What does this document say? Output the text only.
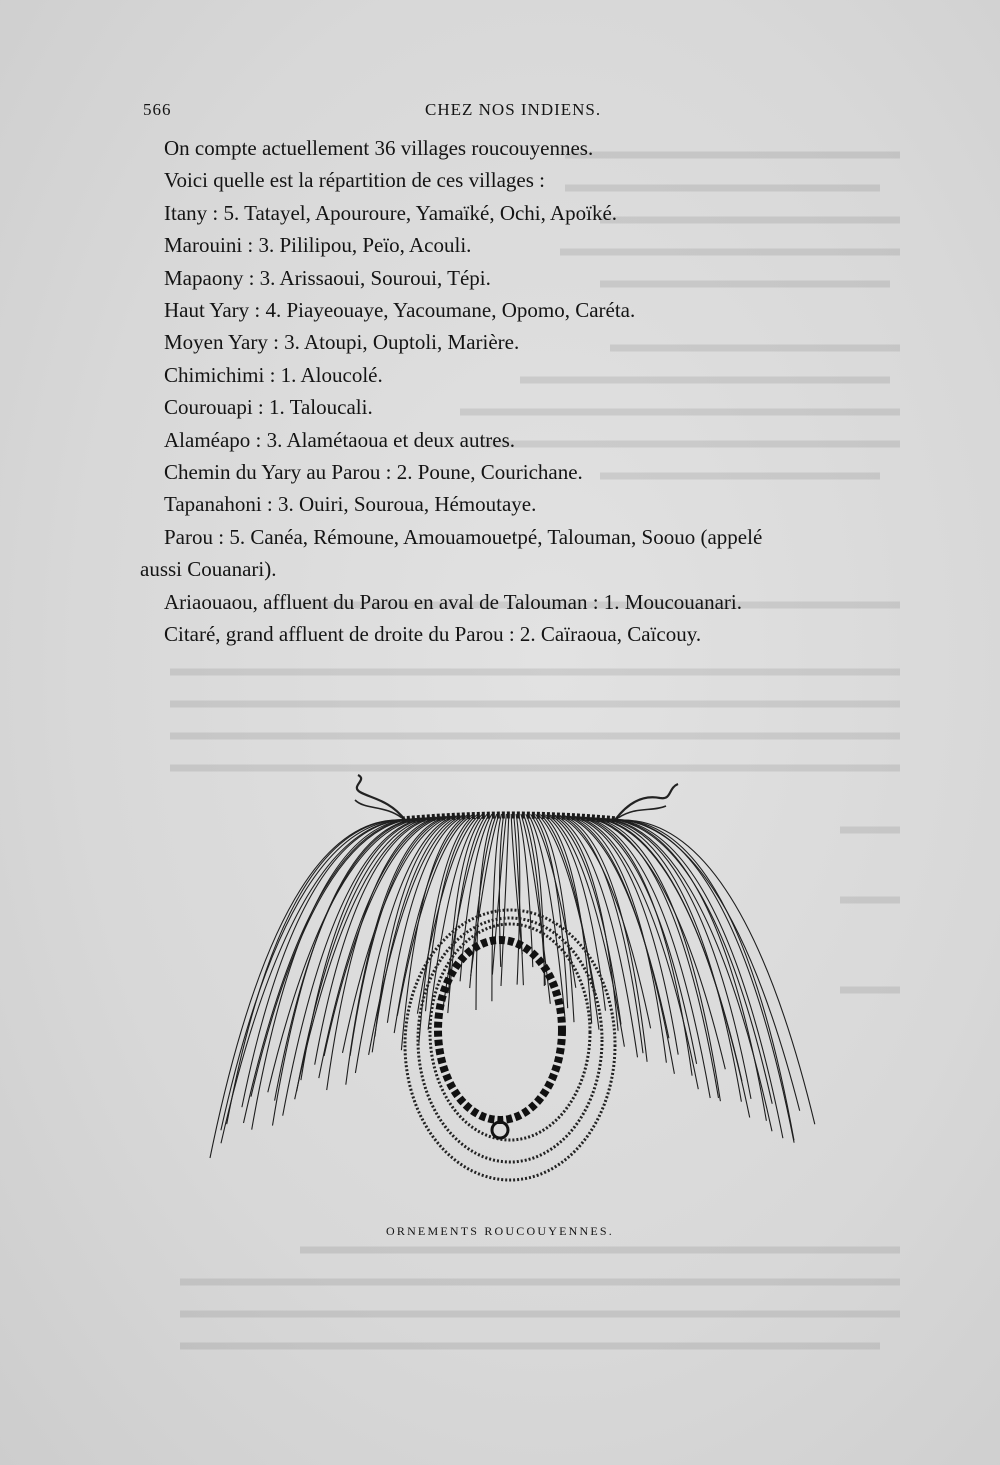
566	CHEZ NOS INDIENS.
On compte actuellement 36 villages roucouyennes.
Voici quelle est la répartition de ces villages :
Itany : 5. Tatayel, Apouroure, Yamaïké, Ochi, Apoïké.
Marouini : 3. Pililipou, Peïo, Acouli.
Mapaony : 3. Arissaoui, Souroui, Tépi.
Haut Yary : 4. Piayeouaye, Yacoumane, Opomo, Caréta.
Moyen Yary : 3. Atoupi, Ouptoli, Marière.
Chimichimi : 1. Aloucolé.
Courouapi : 1. Taloucali.
Alaméapo : 3. Alamétaoua et deux autres.
Chemin du Yary au Parou : 2. Poune, Courichane.
Tapanahoni : 3. Ouiri, Souroua, Hémoutaye.
Parou : 5. Canéa, Rémoune, Amouamouetpé, Talouman, Soouo (appelé
aussi Couanari).
Ariaouaou, affluent du Parou en aval de Talouman : 1. Moucouanari.
Citaré, grand affluent de droite du Parou : 2. Caïraoua, Caïcouy.
ORNEMENTS ROUCOUYENNES.
